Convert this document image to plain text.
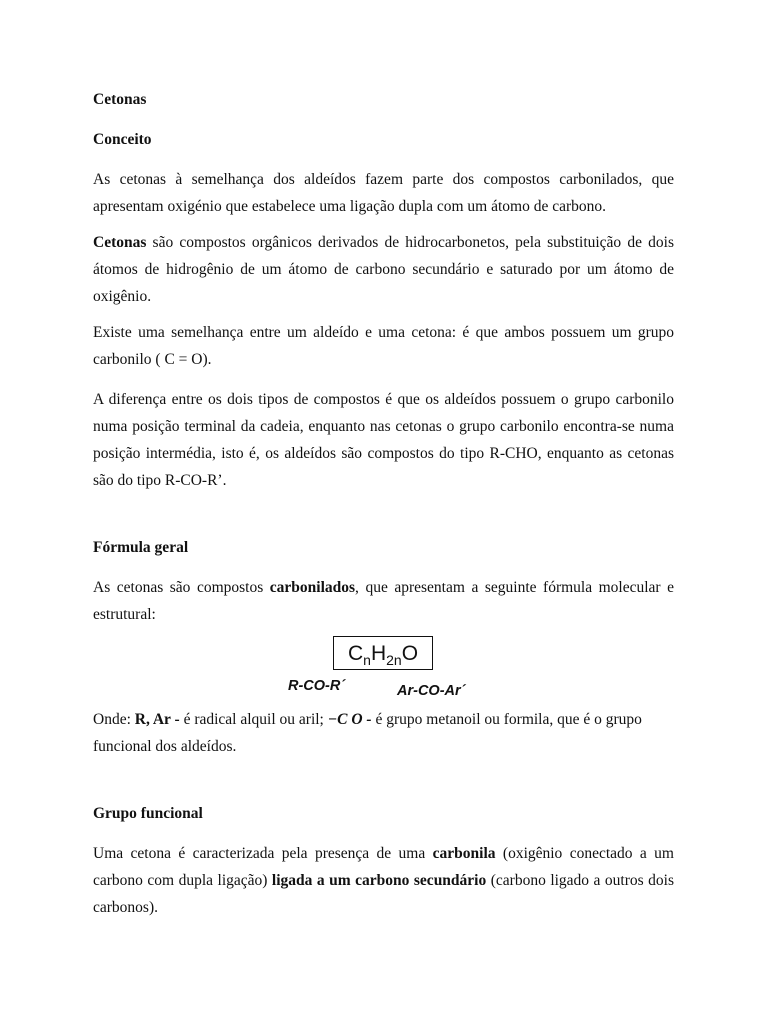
Cetonas

Conceito

As cetonas à semelhança dos aldeídos fazem parte dos compostos carbonilados, que apresentam oxigénio que estabelece uma ligação dupla com um átomo de carbono.

Cetonas são compostos orgânicos derivados de hidrocarbonetos, pela substituição de dois átomos de hidrogênio de um átomo de carbono secundário e saturado por um átomo de oxigênio.

Existe uma semelhança entre um aldeído e uma cetona: é que ambos possuem um grupo carbonilo ( C = O).

A diferença entre os dois tipos de compostos é que os aldeídos possuem o grupo carbonilo numa posição terminal da cadeia, enquanto nas cetonas o grupo carbonilo encontra-se numa posição intermédia, isto é, os aldeídos são compostos do tipo R-CHO, enquanto as cetonas são do tipo R-CO-R’.

Fórmula geral

As cetonas são compostos carbonilados, que apresentam a seguinte fórmula molecular e estrutural:

$C_nH_{2n}O$
R-CO-R´	Ar-CO-Ar´

Onde: R, Ar - é radical alquil ou aril; −C O - é grupo metanoil ou formila, que é o grupo funcional dos aldeídos.

Grupo funcional

Uma cetona é caracterizada pela presença de uma carbonila (oxigênio conectado a um carbono com dupla ligação) ligada a um carbono secundário (carbono ligado a outros dois carbonos).
